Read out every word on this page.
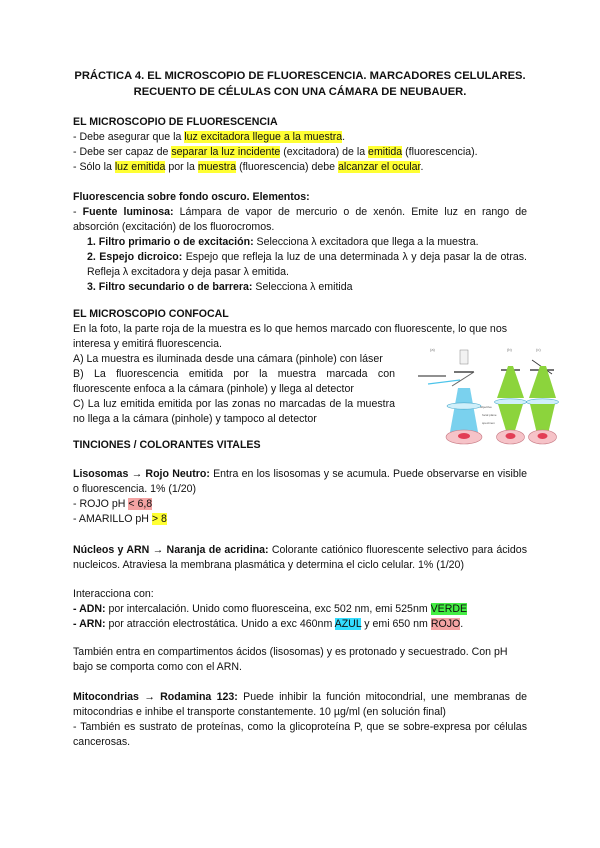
PRÁCTICA 4. EL MICROSCOPIO DE FLUORESCENCIA. MARCADORES CELULARES.
RECUENTO DE CÉLULAS CON UNA CÁMARA DE NEUBAUER.
EL MICROSCOPIO DE FLUORESCENCIA
- Debe asegurar que la luz excitadora llegue a la muestra.
- Debe ser capaz de separar la luz incidente (excitadora) de la emitida (fluorescencia).
- Sólo la luz emitida por la muestra (fluorescencia) debe alcanzar el ocular.
Fluorescencia sobre fondo oscuro. Elementos:
- Fuente luminosa: Lámpara de vapor de mercurio o de xenón. Emite luz en rango de absorción (excitación) de los fluorocromos.
1. Filtro primario o de excitación: Selecciona λ excitadora que llega a la muestra.
2. Espejo dicroico: Espejo que refleja la luz de una determinada λ y deja pasar la de otras. Refleja λ excitadora y deja pasar λ emitida.
3. Filtro secundario o de barrera: Selecciona λ emitida
EL MICROSCOPIO CONFOCAL
En la foto, la parte roja de la muestra es lo que hemos marcado con fluorescente, lo que nos interesa y emitirá fluorescencia.
A) La muestra es iluminada desde una cámara (pinhole) con láser
B) La fluorescencia emitida por la muestra marcada con fluorescente enfoca a la cámara (pinhole) y llega al detector
C) La luz emitida emitida por las zonas no marcadas de la muestra no llega a la cámara (pinhole) y tampoco al detector
(a)	(b)	(c)
objective
focal plane
specimen
TINCIONES / COLORANTES VITALES
Lisosomas → Rojo Neutro: Entra en los lisosomas y se acumula. Puede observarse en visible o fluorescencia. 1% (1/20)
- ROJO pH < 6,8
- AMARILLO pH > 8
Núcleos y ARN → Naranja de acridina: Colorante catiónico fluorescente selectivo para ácidos nucleicos. Atraviesa la membrana plasmática y determina el ciclo celular. 1% (1/20)
Interacciona con:
- ADN: por intercalación. Unido como fluoresceina, exc 502 nm, emi 525nm VERDE
- ARN: por atracción electrostática. Unido a exc 460nm AZUL y emi 650 nm ROJO.
También entra en compartimentos ácidos (lisosomas) y es protonado y secuestrado. Con pH bajo se comporta como con el ARN.
Mitocondrias → Rodamina 123: Puede inhibir la función mitocondrial, une membranas de mitocondrias e inhibe el transporte constantemente. 10 µg/ml (en solución final)
- También es sustrato de proteínas, como la glicoproteína P, que se sobre-expresa por células cancerosas.
